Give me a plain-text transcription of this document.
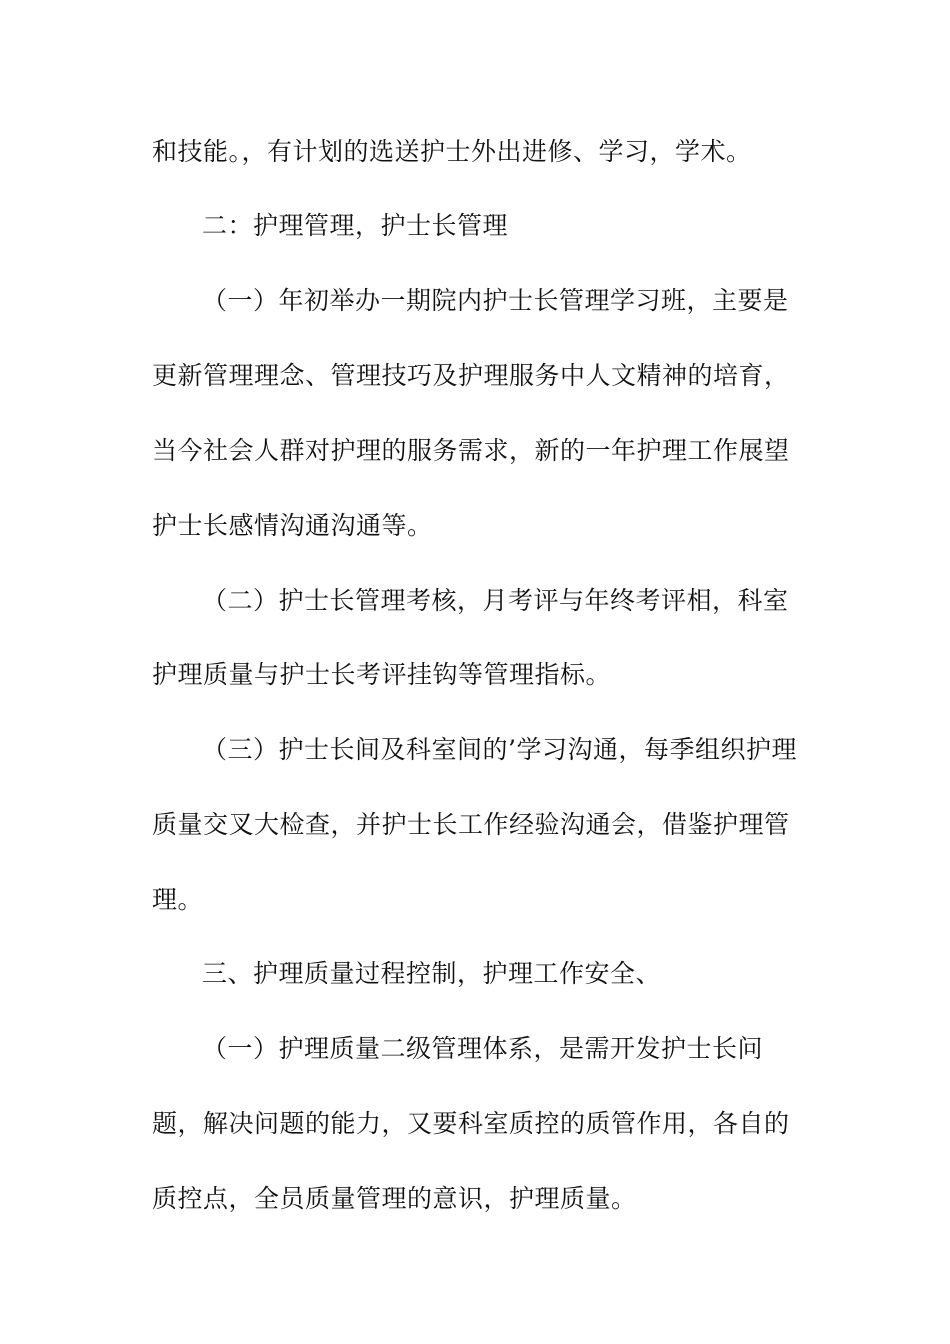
和技能。，有计划的选送护士外出进修、学习，学术。
二：护理管理，护士长管理
（一）年初举办一期院内护士长管理学习班，主要是
更新管理理念、管理技巧及护理服务中人文精神的培育，
当今社会人群对护理的服务需求，新的一年护理工作展望
护士长感情沟通沟通等。
（二）护士长管理考核，月考评与年终考评相，科室
护理质量与护士长考评挂钩等管理指标。
（三）护士长间及科室间的’学习沟通，每季组织护理
质量交叉大检查，并护士长工作经验沟通会，借鉴护理管
理。
三、护理质量过程控制，护理工作安全、
（一）护理质量二级管理体系，是需开发护士长问
题，解决问题的能力，又要科室质控的质管作用，各自的
质控点，全员质量管理的意识，护理质量。
